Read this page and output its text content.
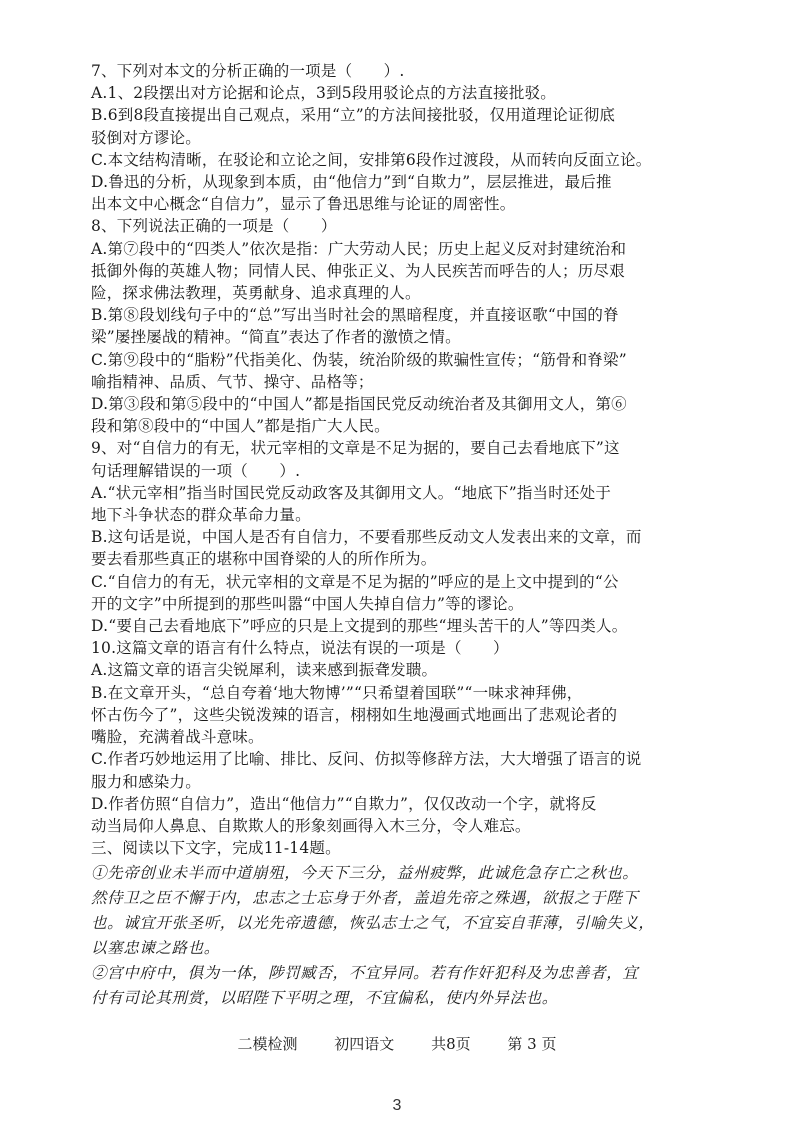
7、下列对本文的分析正确的一项是（　　）.

A.1、2段摆出对方论据和论点，3到5段用驳论点的方法直接批驳。

B.6到8段直接提出自己观点，采用“立”的方法间接批驳，仅用道理论证彻底

驳倒对方谬论。

C.本文结构清晰，在驳论和立论之间，安排第6段作过渡段，从而转向反面立论。

D.鲁迅的分析，从现象到本质，由“他信力”到“自欺力”，层层推进，最后推

出本文中心概念“自信力”，显示了鲁迅思维与论证的周密性。

8、下列说法正确的一项是（　　）

A.第⑦段中的“四类人”依次是指：广大劳动人民；历史上起义反对封建统治和

抵御外侮的英雄人物；同情人民、伸张正义、为人民疾苦而呼告的人；历尽艰

险，探求佛法教理，英勇献身、追求真理的人。

B.第⑧段划线句子中的“总”写出当时社会的黑暗程度，并直接讴歌“中国的脊

梁”屡挫屡战的精神。“简直”表达了作者的激愤之情。

C.第⑨段中的“脂粉”代指美化、伪装，统治阶级的欺骗性宣传；“筋骨和脊梁”

喻指精神、品质、气节、操守、品格等；

D.第③段和第⑤段中的“中国人”都是指国民党反动统治者及其御用文人，第⑥

段和第⑧段中的“中国人”都是指广大人民。

9、对“自信力的有无，状元宰相的文章是不足为据的，要自己去看地底下”这

句话理解错误的一项（　　）.

A.“状元宰相”指当时国民党反动政客及其御用文人。“地底下”指当时还处于

地下斗争状态的群众革命力量。

B.这句话是说，中国人是否有自信力，不要看那些反动文人发表出来的文章，而

要去看那些真正的堪称中国脊梁的人的所作所为。

C.“自信力的有无，状元宰相的文章是不足为据的”呼应的是上文中提到的“公

开的文字”中所提到的那些叫嚣“中国人失掉自信力”等的谬论。

D.“要自己去看地底下”呼应的只是上文提到的那些“埋头苦干的人”等四类人。

10.这篇文章的语言有什么特点，说法有误的一项是（　　）

A.这篇文章的语言尖锐犀利，读来感到振聋发聩。

B.在文章开头，“总自夸着‘地大物博’”“只希望着国联”“一味求神拜佛，

怀古伤今了”，这些尖锐泼辣的语言，栩栩如生地漫画式地画出了悲观论者的

嘴脸，充满着战斗意味。

C.作者巧妙地运用了比喻、排比、反问、仿拟等修辞方法，大大增强了语言的说

服力和感染力。

D.作者仿照“自信力”，造出“他信力”“自欺力”，仅仅改动一个字，就将反

动当局仰人鼻息、自欺欺人的形象刻画得入木三分，令人难忘。

三、阅读以下文字，完成11-14题。

①先帝创业未半而中道崩殂，今天下三分，益州疲弊，此诚危急存亡之秋也。

然侍卫之臣不懈于内，忠志之士忘身于外者，盖追先帝之殊遇，欲报之于陛下

也。诚宜开张圣听，以光先帝遗德，恢弘志士之气，不宜妄自菲薄，引喻失义，

以塞忠谏之路也。

②宫中府中，俱为一体，陟罚臧否，不宜异同。若有作奸犯科及为忠善者，宜

付有司论其刑赏，以昭陛下平明之理，不宜偏私，使内外异法也。

二模检测 初四语文 共8页 第 3 页
3
